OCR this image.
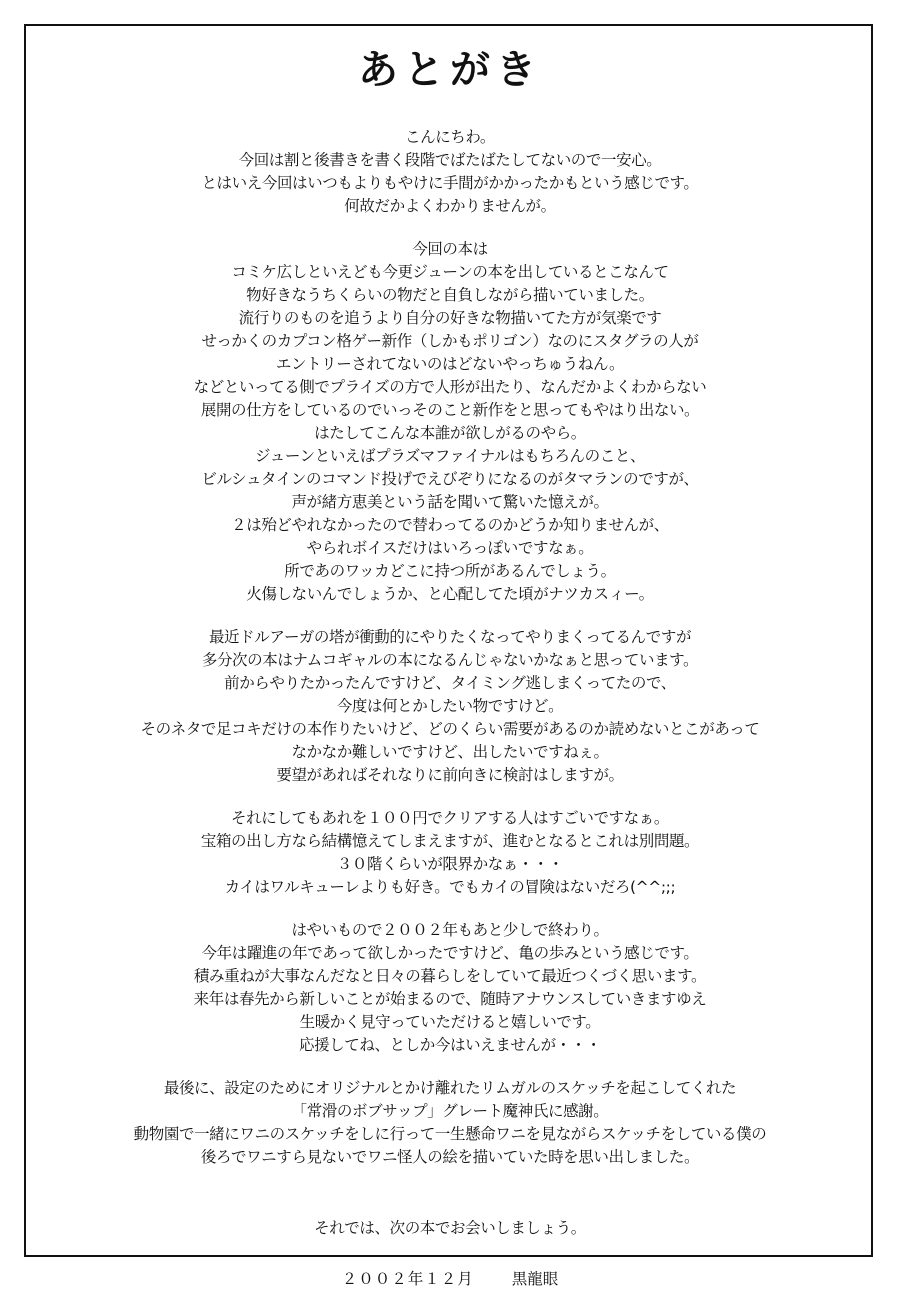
あとがき
こんにちわ。
今回は割と後書きを書く段階でばたばたしてないので一安心。
とはいえ今回はいつもよりもやけに手間がかかったかもという感じです。
何故だかよくわかりませんが。
今回の本は
コミケ広しといえども今更ジューンの本を出しているとこなんて
物好きなうちくらいの物だと自負しながら描いていました。
流行りのものを追うより自分の好きな物描いてた方が気楽です
せっかくのカプコン格ゲー新作（しかもポリゴン）なのにスタグラの人が
エントリーされてないのはどないやっちゅうねん。
などといってる側でプライズの方で人形が出たり、なんだかよくわからない
展開の仕方をしているのでいっそのこと新作をと思ってもやはり出ない。
はたしてこんな本誰が欲しがるのやら。
ジューンといえばプラズマファイナルはもちろんのこと、
ビルシュタインのコマンド投げでえびぞりになるのがタマランのですが、
声が緒方恵美という話を聞いて驚いた憶えが。
２は殆どやれなかったので替わってるのかどうか知りませんが、
やられボイスだけはいろっぽいですなぁ。
所であのワッカどこに持つ所があるんでしょう。
火傷しないんでしょうか、と心配してた頃がナツカスィー。
最近ドルアーガの塔が衝動的にやりたくなってやりまくってるんですが
多分次の本はナムコギャルの本になるんじゃないかなぁと思っています。
前からやりたかったんですけど、タイミング逃しまくってたので、
今度は何とかしたい物ですけど。
そのネタで足コキだけの本作りたいけど、どのくらい需要があるのか読めないとこがあって
なかなか難しいですけど、出したいですねぇ。
要望があればそれなりに前向きに検討はしますが。
それにしてもあれを１００円でクリアする人はすごいですなぁ。
宝箱の出し方なら結構憶えてしまえますが、進むとなるとこれは別問題。
３０階くらいが限界かなぁ・・・
カイはワルキューレよりも好き。でもカイの冒険はないだろ(^^;;;
はやいもので２００２年もあと少しで終わり。
今年は躍進の年であって欲しかったですけど、亀の歩みという感じです。
積み重ねが大事なんだなと日々の暮らしをしていて最近つくづく思います。
来年は春先から新しいことが始まるので、随時アナウンスしていきますゆえ
生暖かく見守っていただけると嬉しいです。
応援してね、としか今はいえませんが・・・
最後に、設定のためにオリジナルとかけ離れたリムガルのスケッチを起こしてくれた
「常滑のボブサップ」グレート魔神氏に感謝。
動物園で一緒にワニのスケッチをしに行って一生懸命ワニを見ながらスケッチをしている僕の
後ろでワニすら見ないでワニ怪人の絵を描いていた時を思い出しました。
それでは、次の本でお会いしましょう。
２００２年１２月 黒龍眼
